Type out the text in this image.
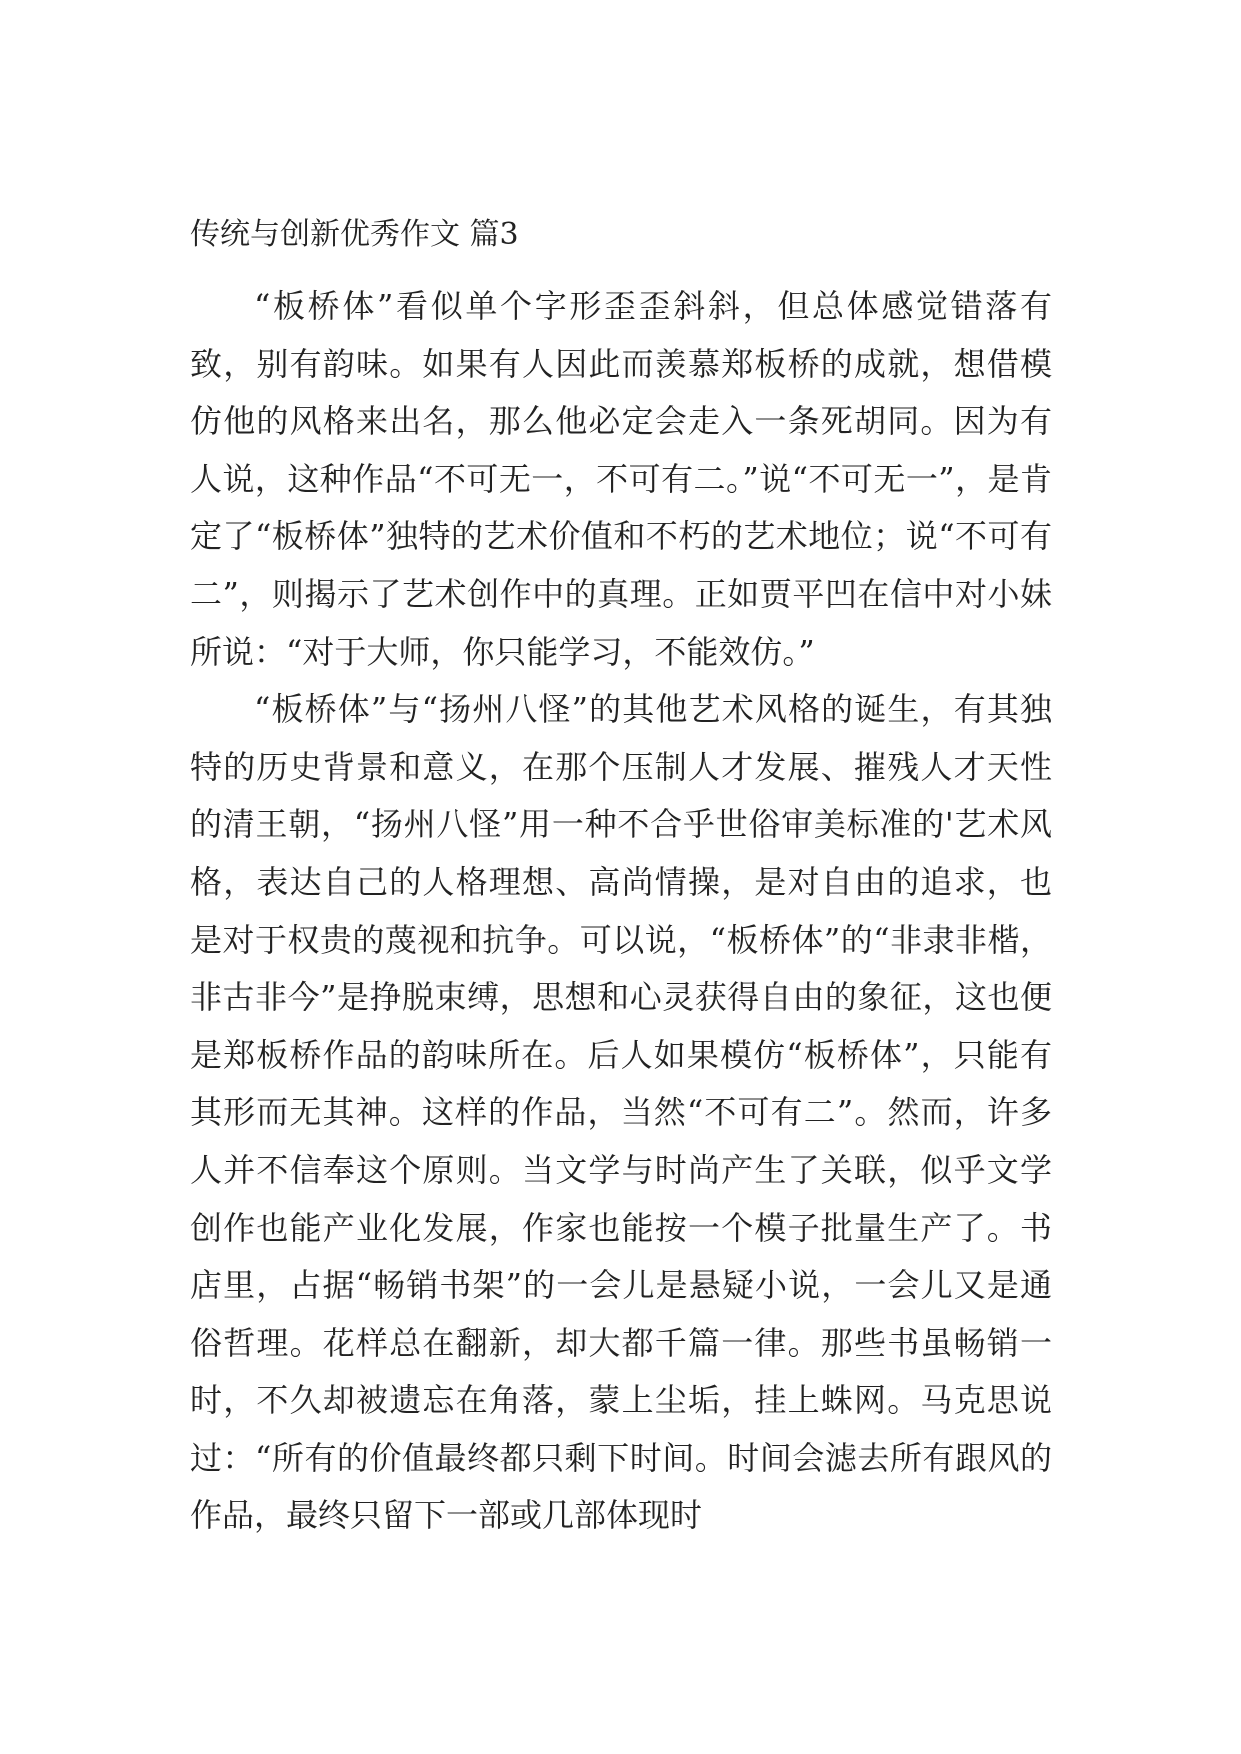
传统与创新优秀作文 篇3

“板桥体”看似单个字形歪歪斜斜，但总体感觉错落有致，别有韵味。如果有人因此而羡慕郑板桥的成就，想借模仿他的风格来出名，那么他必定会走入一条死胡同。因为有人说，这种作品“不可无一，不可有二。”说“不可无一”，是肯定了“板桥体”独特的艺术价值和不朽的艺术地位；说“不可有二”，则揭示了艺术创作中的真理。正如贾平凹在信中对小妹所说：“对于大师，你只能学习，不能效仿。”

“板桥体”与“扬州八怪”的其他艺术风格的诞生，有其独特的历史背景和意义，在那个压制人才发展、摧残人才天性的清王朝，“扬州八怪”用一种不合乎世俗审美标准的'艺术风格，表达自己的人格理想、高尚情操，是对自由的追求，也是对于权贵的蔑视和抗争。可以说，“板桥体”的“非隶非楷，非古非今”是挣脱束缚，思想和心灵获得自由的象征，这也便是郑板桥作品的韵味所在。后人如果模仿“板桥体”，只能有其形而无其神。这样的作品，当然“不可有二”。然而，许多人并不信奉这个原则。当文学与时尚产生了关联，似乎文学创作也能产业化发展，作家也能按一个模子批量生产了。书店里，占据“畅销书架”的一会儿是悬疑小说，一会儿又是通俗哲理。花样总在翻新，却大都千篇一律。那些书虽畅销一时，不久却被遗忘在角落，蒙上尘垢，挂上蛛网。马克思说过：“所有的价值最终都只剩下时间。时间会滤去所有跟风的作品，最终只留下一部或几部体现时
